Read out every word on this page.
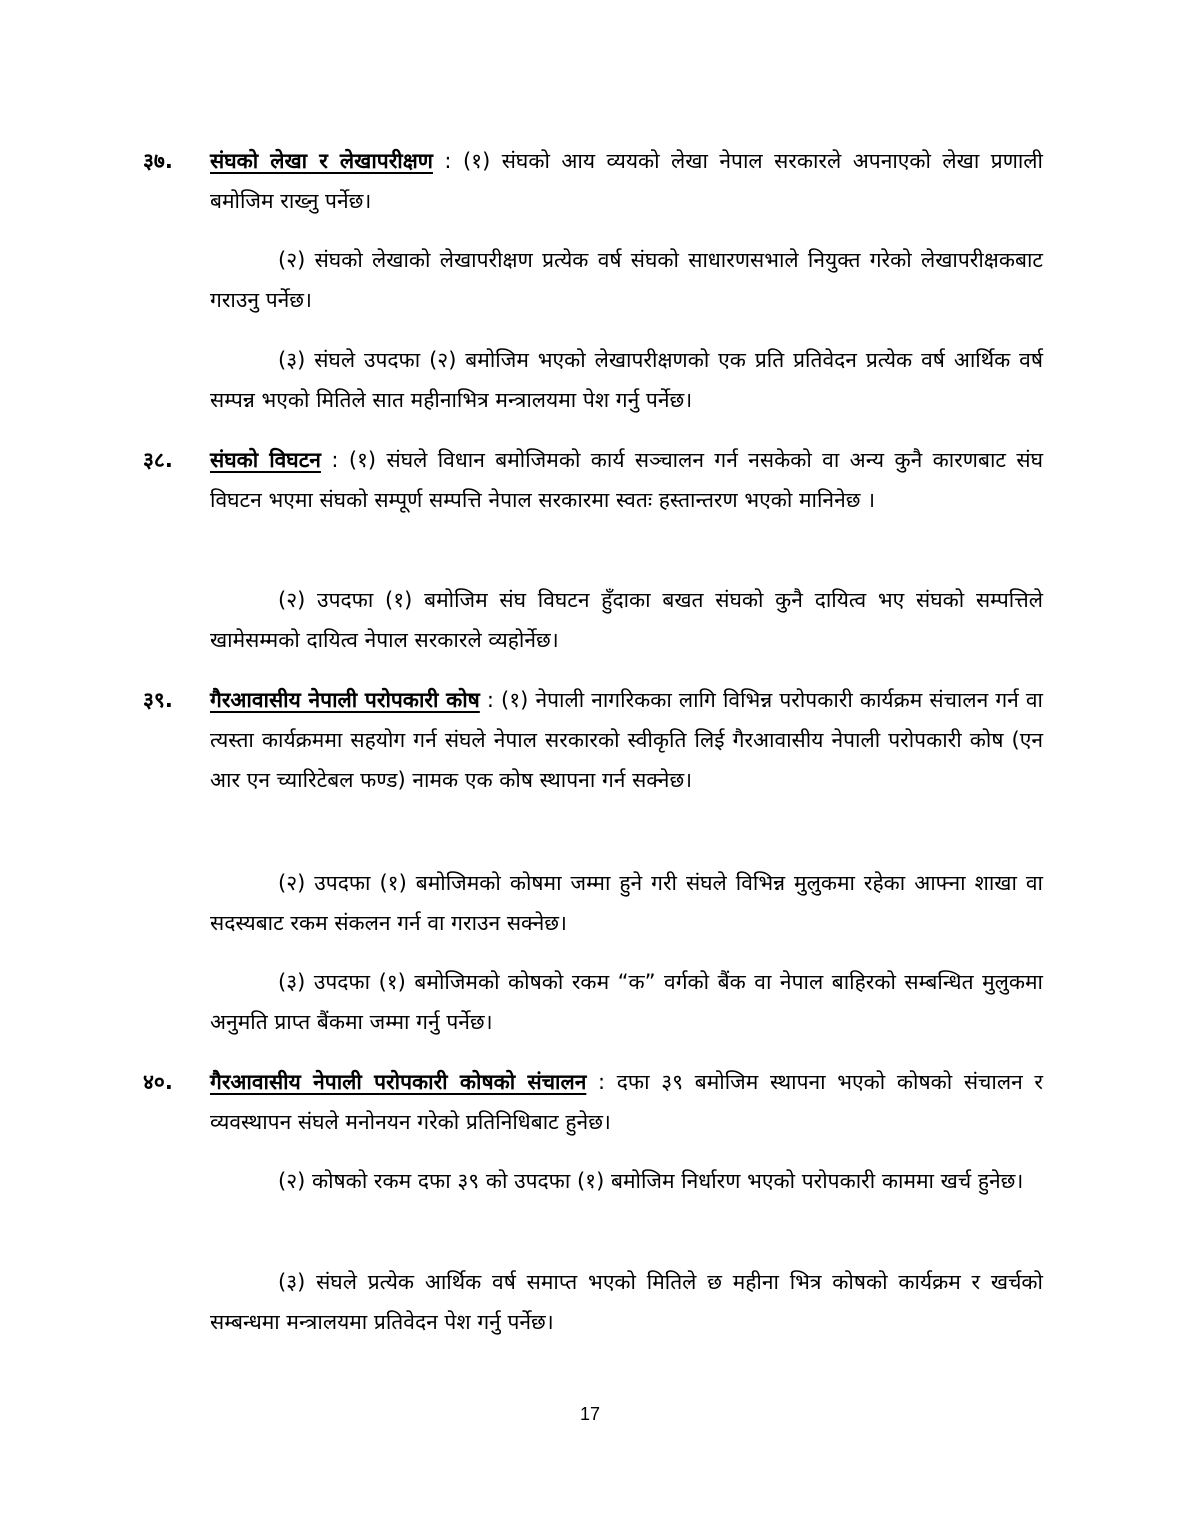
३७. संघको लेखा र लेखापरीक्षण : (१) संघको आय व्ययको लेखा नेपाल सरकारले अपनाएको लेखा प्रणाली बमोजिम राख्नु पर्नेछ।

(२) संघको लेखाको लेखापरीक्षण प्रत्येक वर्ष संघको साधारणसभाले नियुक्त गरेको लेखापरीक्षकबाट गराउनु पर्नेछ।

(३) संघले उपदफा (२) बमोजिम भएको लेखापरीक्षणको एक प्रति प्रतिवेदन प्रत्येक वर्ष आर्थिक वर्ष सम्पन्न भएको मितिले सात महीनाभित्र मन्त्रालयमा पेश गर्नु पर्नेछ।

३८. संघको विघटन : (१) संघले विधान बमोजिमको कार्य सञ्चालन गर्न नसकेको वा अन्य कुनै कारणबाट संघ विघटन भएमा संघको सम्पूर्ण सम्पत्ति नेपाल सरकारमा स्वतः हस्तान्तरण भएको मानिनेछ ।

(२) उपदफा (१) बमोजिम संघ विघटन हुँदाका बखत संघको कुनै दायित्व भए संघको सम्पत्तिले खामेसम्मको दायित्व नेपाल सरकारले व्यहोर्नेछ।

३९. गैरआवासीय नेपाली परोपकारी कोष : (१) नेपाली नागरिकका लागि विभिन्न परोपकारी कार्यक्रम संचालन गर्न वा त्यस्ता कार्यक्रममा सहयोग गर्न संघले नेपाल सरकारको स्वीकृति लिई गैरआवासीय नेपाली परोपकारी कोष (एन आर एन च्यारिटेबल फण्ड) नामक एक कोष स्थापना गर्न सक्नेछ।

(२) उपदफा (१) बमोजिमको कोषमा जम्मा हुने गरी संघले विभिन्न मुलुकमा रहेका आफ्ना शाखा वा सदस्यबाट रकम संकलन गर्न वा गराउन सक्नेछ।

(३) उपदफा (१) बमोजिमको कोषको रकम “क” वर्गको बैंक वा नेपाल बाहिरको सम्बन्धित मुलुकमा अनुमति प्राप्त बैंकमा जम्मा गर्नु पर्नेछ।

४०. गैरआवासीय नेपाली परोपकारी कोषको संचालन : दफा ३९ बमोजिम स्थापना भएको कोषको संचालन र व्यवस्थापन संघले मनोनयन गरेको प्रतिनिधिबाट हुनेछ।

(२) कोषको रकम दफा ३९ को उपदफा (१) बमोजिम निर्धारण भएको परोपकारी काममा खर्च हुनेछ।

(३) संघले प्रत्येक आर्थिक वर्ष समाप्त भएको मितिले छ महीना भित्र कोषको कार्यक्रम र खर्चको सम्बन्धमा मन्त्रालयमा प्रतिवेदन पेश गर्नु पर्नेछ।

17
